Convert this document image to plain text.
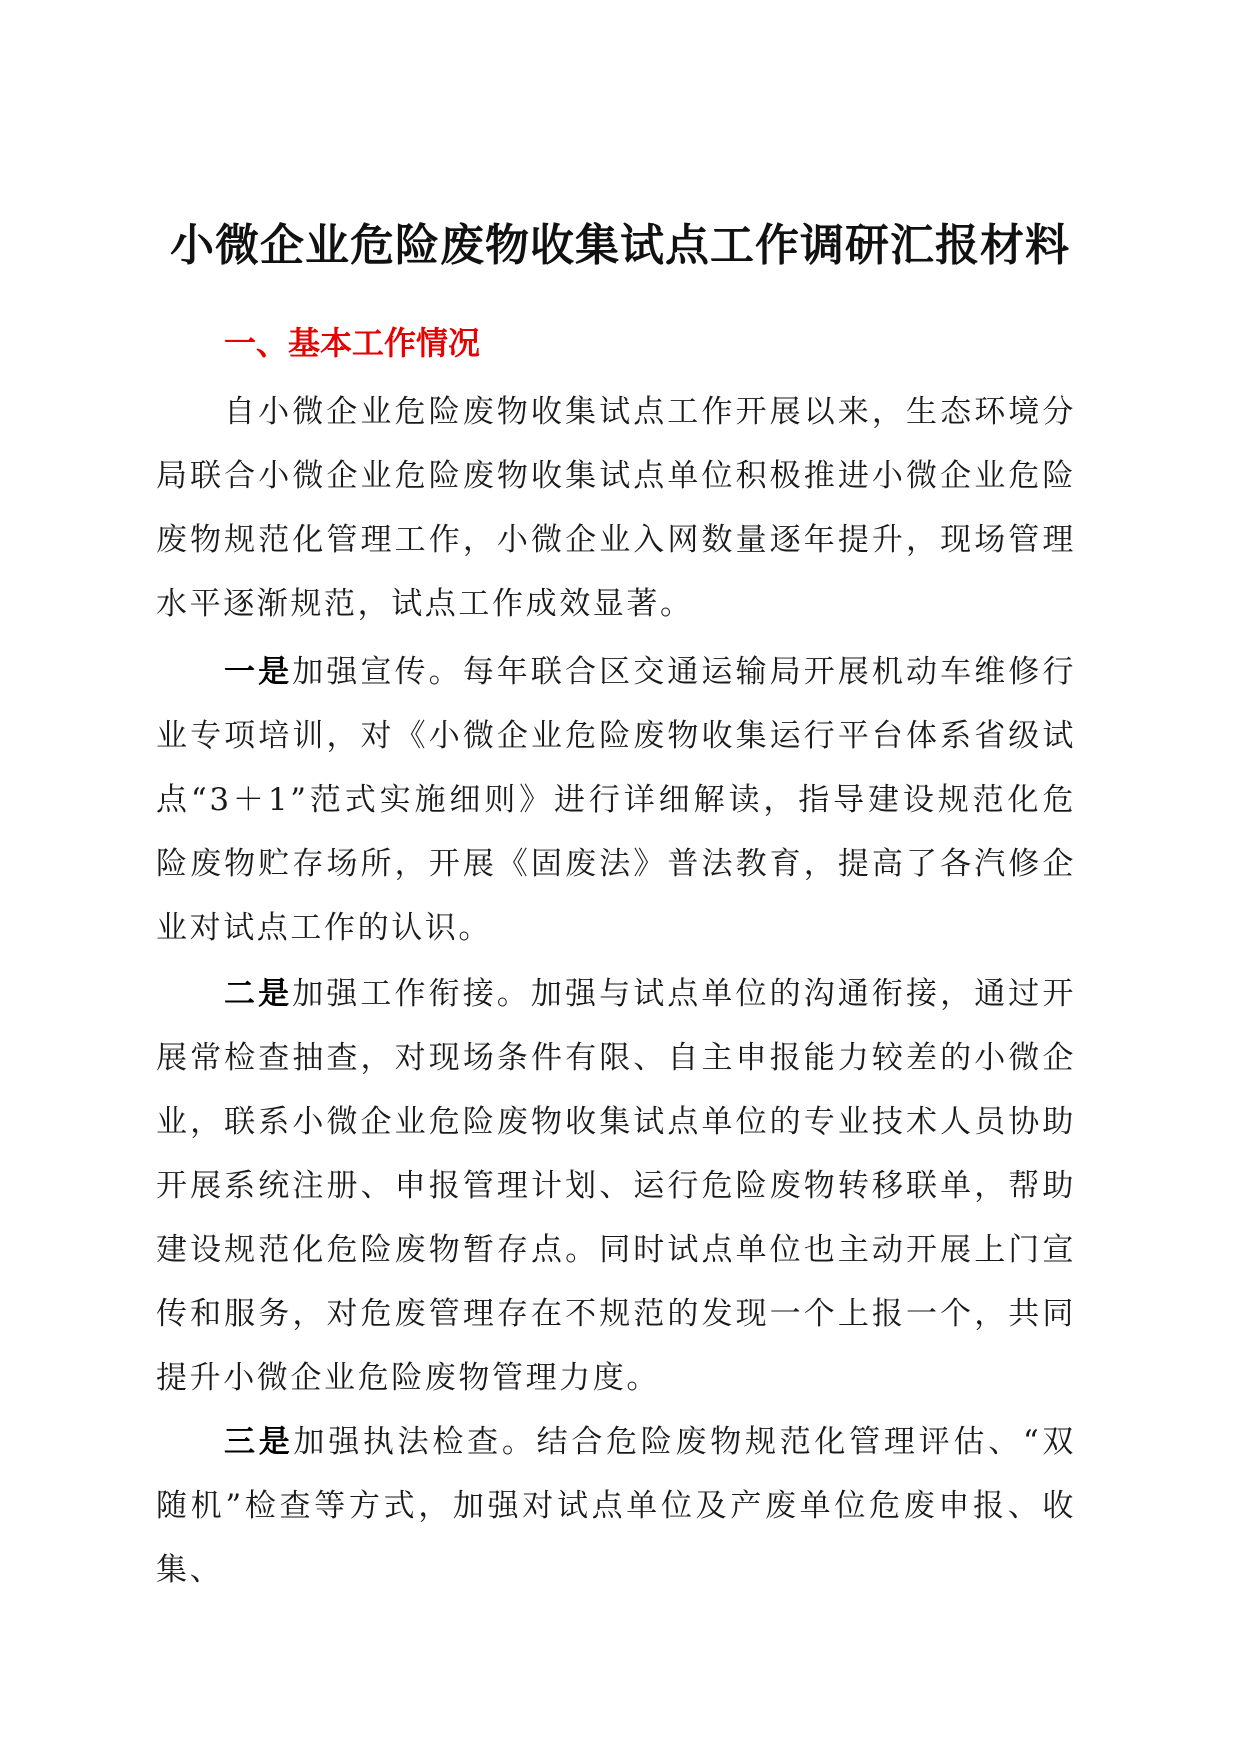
小微企业危险废物收集试点工作调研汇报材料
一、基本工作情况

自小微企业危险废物收集试点工作开展以来，生态环境分局联合小微企业危险废物收集试点单位积极推进小微企业危险废物规范化管理工作，小微企业入网数量逐年提升，现场管理水平逐渐规范，试点工作成效显著。

一是加强宣传。每年联合区交通运输局开展机动车维修行业专项培训，对《小微企业危险废物收集运行平台体系省级试点“3＋1”范式实施细则》进行详细解读，指导建设规范化危险废物贮存场所，开展《固废法》普法教育，提高了各汽修企业对试点工作的认识。

二是加强工作衔接。加强与试点单位的沟通衔接，通过开展常检查抽查，对现场条件有限、自主申报能力较差的小微企业，联系小微企业危险废物收集试点单位的专业技术人员协助开展系统注册、申报管理计划、运行危险废物转移联单，帮助建设规范化危险废物暂存点。同时试点单位也主动开展上门宣传和服务，对危废管理存在不规范的发现一个上报一个，共同提升小微企业危险废物管理力度。

三是加强执法检查。结合危险废物规范化管理评估、“双随机”检查等方式，加强对试点单位及产废单位危废申报、收集、
